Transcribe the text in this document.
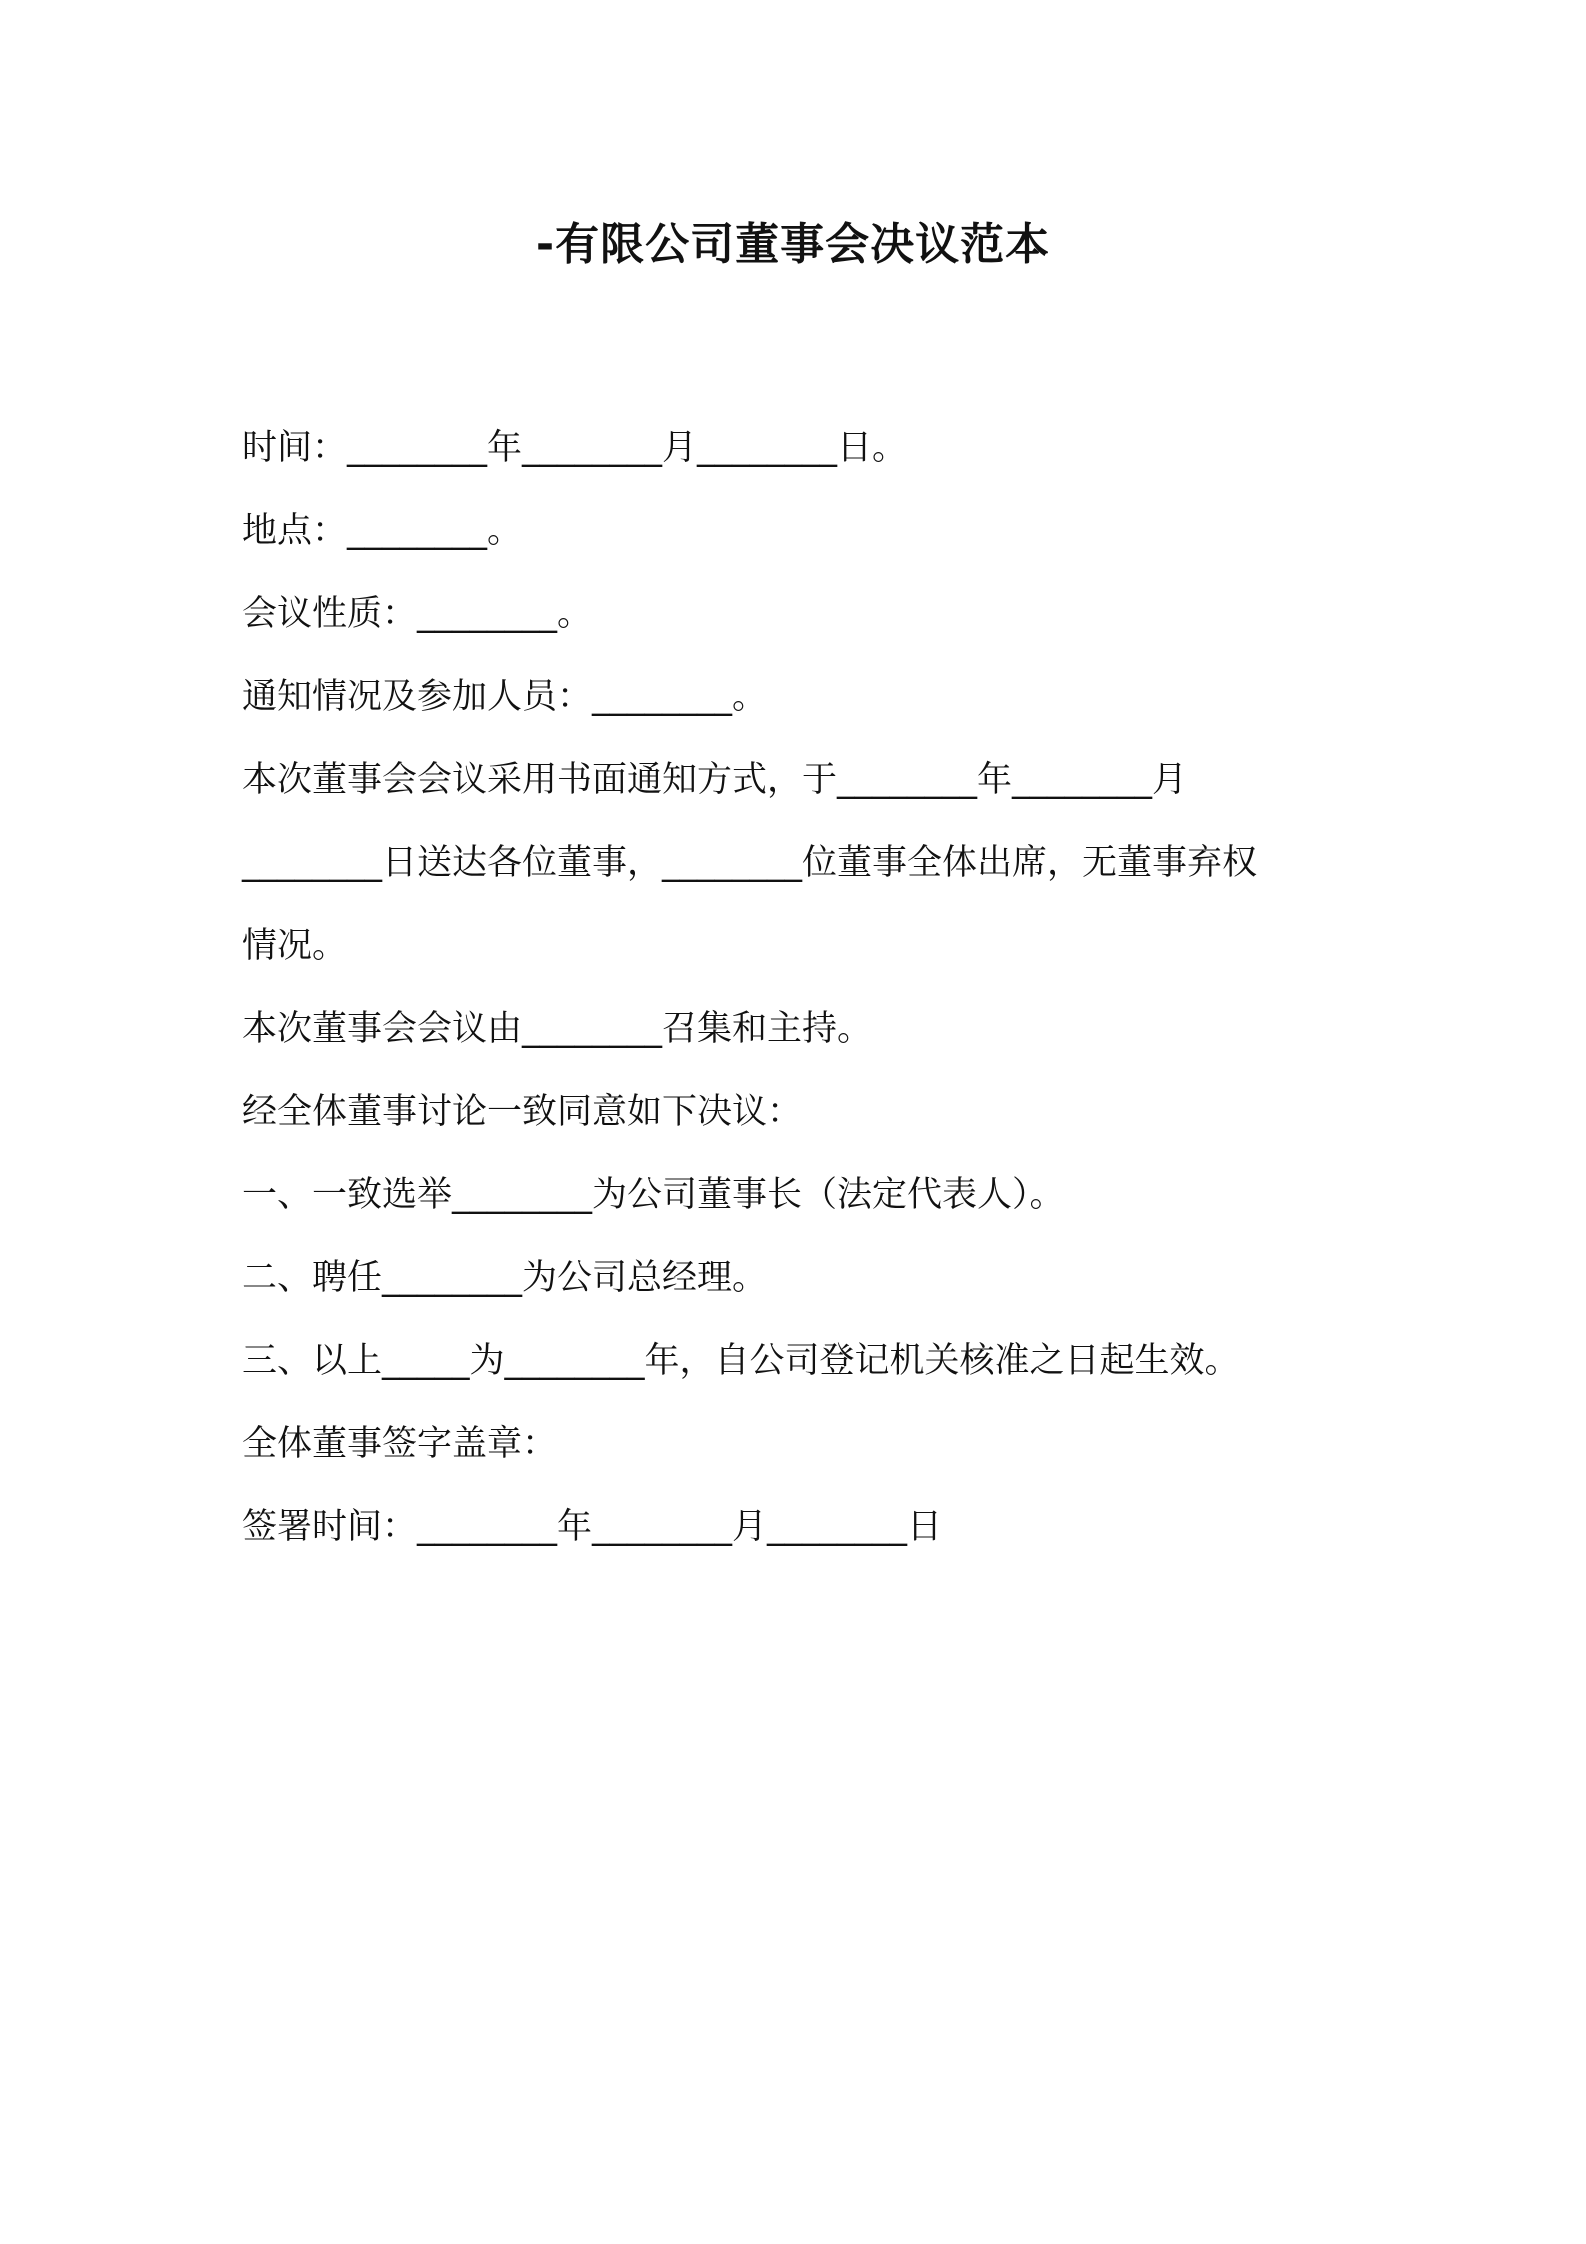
-有限公司董事会决议范本
时间：________年________月________日。
地点：________。
会议性质：________。
通知情况及参加人员：________。
本次董事会会议采用书面通知方式，于________年________月
________日送达各位董事，________位董事全体出席，无董事弃权
情况。
本次董事会会议由________召集和主持。
经全体董事讨论一致同意如下决议：
一、一致选举________为公司董事长（法定代表人）。
二、聘任________为公司总经理。
三、以上_____为________年，自公司登记机关核准之日起生效。
全体董事签字盖章：
签署时间：________年________月________日
